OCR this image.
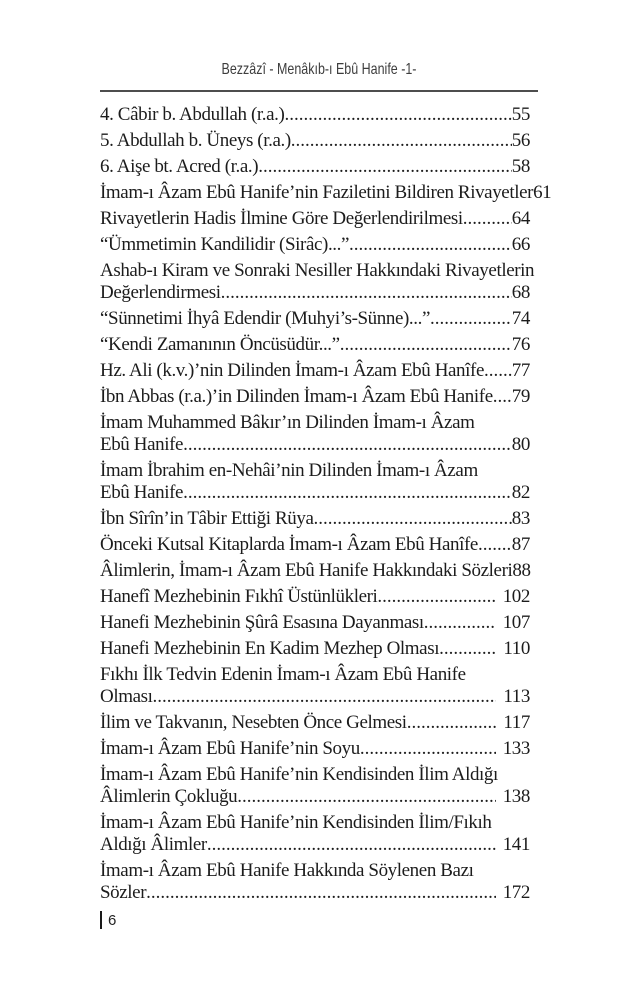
Bezzâzî - Menâkıb-ı Ebû Hanife -1-
4. Câbir b. Abdullah (r.a.) .....	55
5. Abdullah b. Üneys (r.a.) .....	56
6. Aişe bt. Acred (r.a.) .....	58
İmam-ı Âzam Ebû Hanife’nin Faziletini Bildiren Rivayetler 61
Rivayetlerin Hadis İlmine Göre Değerlendirilmesi .....	64
“Ümmetimin Kandilidir (Sirâc)...” .....	66
Ashab-ı Kiram ve Sonraki Nesiller Hakkındaki Rivayetlerin
Değerlendirmesi .....	68
“Sünnetimi İhyâ Edendir (Muhyi’s-Sünne)...” .....	74
“Kendi Zamanının Öncüsüdür...” .....	76
Hz. Ali (k.v.)’nin Dilinden İmam-ı Âzam Ebû Hanîfe ..... 77
İbn Abbas (r.a.)’in Dilinden İmam-ı Âzam Ebû Hanife ..... 79
İmam Muhammed Bâkır’ın Dilinden İmam-ı Âzam
Ebû Hanife .....	80
İmam İbrahim en-Nehâi’nin Dilinden İmam-ı Âzam
Ebû Hanife .....	82
İbn Sîrîn’in Tâbir Ettiği Rüya .....	83
Önceki Kutsal Kitaplarda İmam-ı Âzam Ebû Hanîfe ..... 87
Âlimlerin, İmam-ı Âzam Ebû Hanife Hakkındaki Sözleri 88
Hanefî Mezhebinin Fıkhî Üstünlükleri .....	102
Hanefi Mezhebinin Şûrâ Esasına Dayanması .....	107
Hanefi Mezhebinin En Kadim Mezhep Olması .....	110
Fıkhı İlk Tedvin Edenin İmam-ı Âzam Ebû Hanife
Olması .....	113
İlim ve Takvanın, Nesebten Önce Gelmesi .....	117
İmam-ı Âzam Ebû Hanife’nin Soyu .....	133
İmam-ı Âzam Ebû Hanife’nin Kendisinden İlim Aldığı
Âlimlerin Çokluğu .....	138
İmam-ı Âzam Ebû Hanife’nin Kendisinden İlim/Fıkıh
Aldığı Âlimler .....	141
İmam-ı Âzam Ebû Hanife Hakkında Söylenen Bazı
Sözler .....	172
6
